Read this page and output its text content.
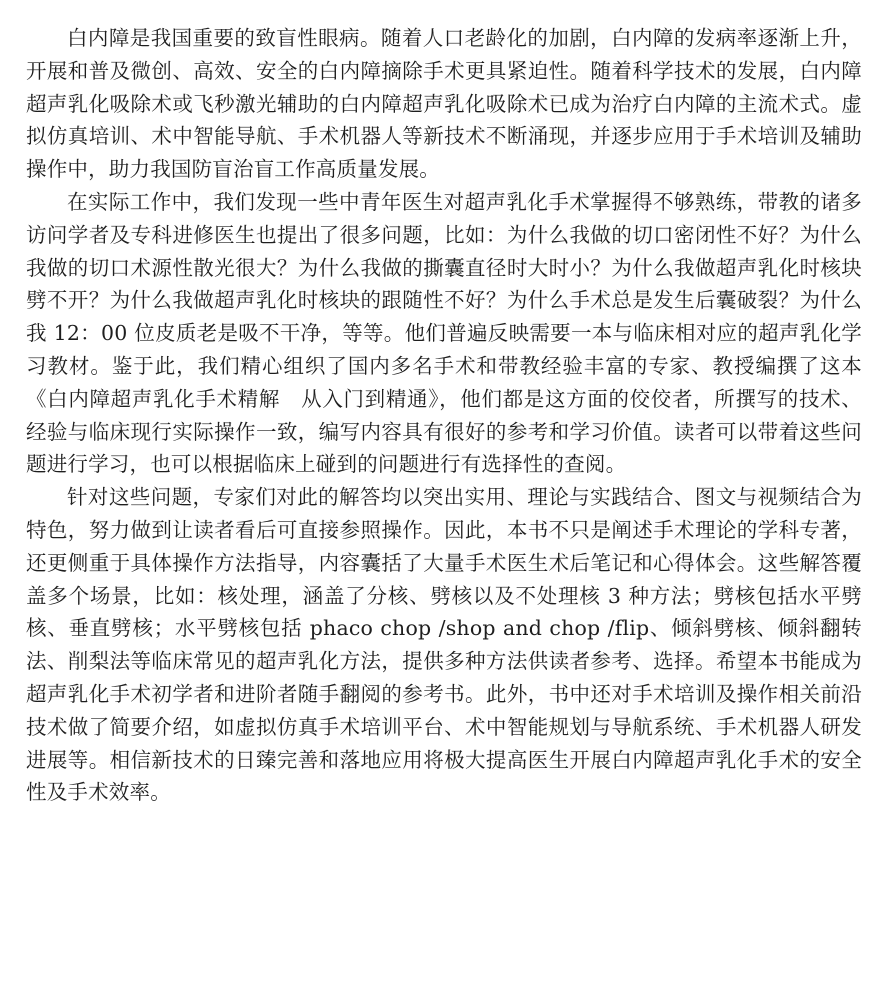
白内障是我国重要的致盲性眼病。随着人口老龄化的加剧，白内障的发病率逐渐上升，开展和普及微创、高效、安全的白内障摘除手术更具紧迫性。随着科学技术的发展，白内障超声乳化吸除术或飞秒激光辅助的白内障超声乳化吸除术已成为治疗白内障的主流术式。虚拟仿真培训、术中智能导航、手术机器人等新技术不断涌现，并逐步应用于手术培训及辅助操作中，助力我国防盲治盲工作高质量发展。

在实际工作中，我们发现一些中青年医生对超声乳化手术掌握得不够熟练，带教的诸多访问学者及专科进修医生也提出了很多问题，比如：为什么我做的切口密闭性不好？为什么我做的切口术源性散光很大？为什么我做的撕囊直径时大时小？为什么我做超声乳化时核块劈不开？为什么我做超声乳化时核块的跟随性不好？为什么手术总是发生后囊破裂？为什么我 12：00 位皮质老是吸不干净，等等。他们普遍反映需要一本与临床相对应的超声乳化学习教材。鉴于此，我们精心组织了国内多名手术和带教经验丰富的专家、教授编撰了这本《白内障超声乳化手术精解　从入门到精通》，他们都是这方面的佼佼者，所撰写的技术、经验与临床现行实际操作一致，编写内容具有很好的参考和学习价值。读者可以带着这些问题进行学习，也可以根据临床上碰到的问题进行有选择性的查阅。

针对这些问题，专家们对此的解答均以突出实用、理论与实践结合、图文与视频结合为特色，努力做到让读者看后可直接参照操作。因此，本书不只是阐述手术理论的学科专著，还更侧重于具体操作方法指导，内容囊括了大量手术医生术后笔记和心得体会。这些解答覆盖多个场景，比如：核处理，涵盖了分核、劈核以及不处理核 3 种方法；劈核包括水平劈核、垂直劈核；水平劈核包括 phaco chop /shop and chop /flip、倾斜劈核、倾斜翻转法、削梨法等临床常见的超声乳化方法，提供多种方法供读者参考、选择。希望本书能成为超声乳化手术初学者和进阶者随手翻阅的参考书。此外，书中还对手术培训及操作相关前沿技术做了简要介绍，如虚拟仿真手术培训平台、术中智能规划与导航系统、手术机器人研发进展等。相信新技术的日臻完善和落地应用将极大提高医生开展白内障超声乳化手术的安全性及手术效率。
